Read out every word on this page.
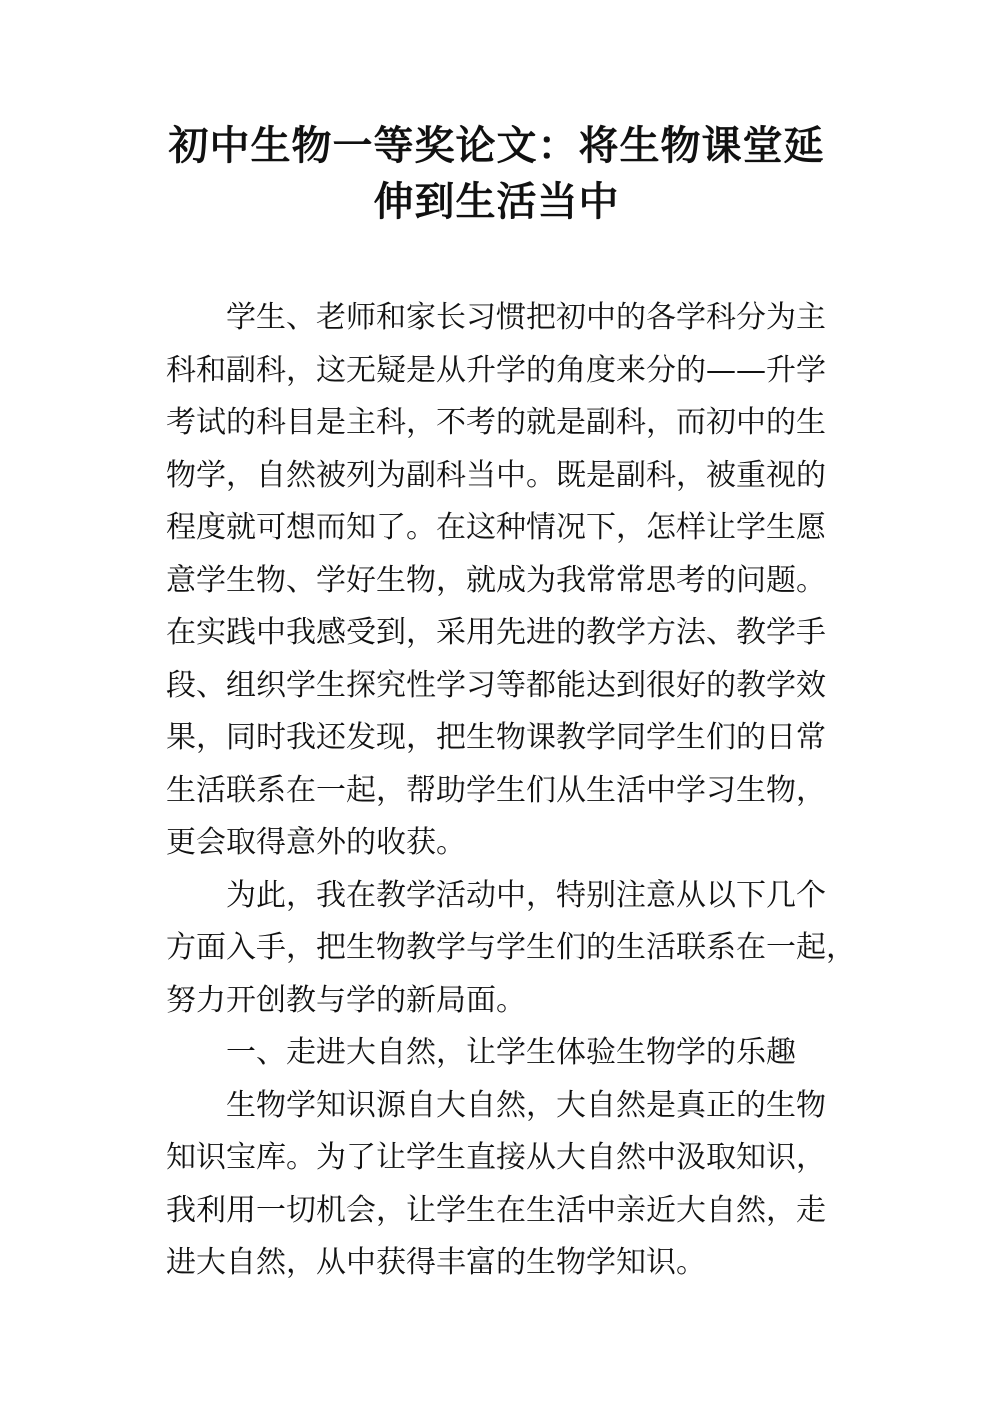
初中生物一等奖论文：将生物课堂延
伸到生活当中
学生、老师和家长习惯把初中的各学科分为主
科和副科，这无疑是从升学的角度来分的——升学
考试的科目是主科，不考的就是副科，而初中的生
物学，自然被列为副科当中。既是副科，被重视的
程度就可想而知了。在这种情况下，怎样让学生愿
意学生物、学好生物，就成为我常常思考的问题。
在实践中我感受到，采用先进的教学方法、教学手
段、组织学生探究性学习等都能达到很好的教学效
果，同时我还发现，把生物课教学同学生们的日常
生活联系在一起，帮助学生们从生活中学习生物，
更会取得意外的收获。
为此，我在教学活动中，特别注意从以下几个
方面入手，把生物教学与学生们的生活联系在一起，
努力开创教与学的新局面。
一、走进大自然，让学生体验生物学的乐趣
生物学知识源自大自然，大自然是真正的生物
知识宝库。为了让学生直接从大自然中汲取知识，
我利用一切机会，让学生在生活中亲近大自然，走
进大自然，从中获得丰富的生物学知识。
